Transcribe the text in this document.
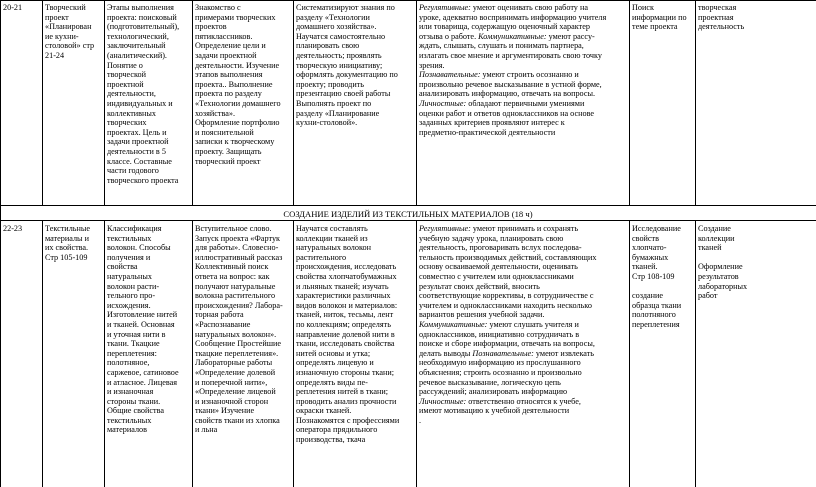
20-21	Творческий
проект
«Планирован
ие кухни-
столовой» стр
21-24
Этапы выполнения
проекта: поисковый
(подготовительный),
технологический,
заключительный
(аналитический).
Понятие о
творческой
проектной
деятельности,
индивидуальных и
коллективных
творческих
проектах. Цель и
задачи проектной
деятельности в 5
классе. Составные
части годового
творческого проекта
Знакомство с
примерами творческих
проектов
пятиклассников.
Определение цели и
задачи проектной
деятельности. Изучение
этапов выполнения
проекта.. Выполнение
проекта по разделу
«Технологии домашнего
хозяйства».
Оформление портфолио
и пояснительной
записки к творческому
проекту. Защищать
творческий проект
Систематизируют знания по
разделу «Технологии
домашнего хозяйства».
Научатся самостоятельно
планировать свою
деятельность; проявлять
творческую инициативу;
оформлять документацию по
проекту; проводить
презентацию своей работы
Выполнять проект по
разделу «Планирование
кухни-столовой».
Регулятивные: умеют оценивать свою работу на
уроке, адекватно воспринимать информацию учителя
или товарища, содержащую оценочный характер
отзыва о работе. Коммуникативные: умеют рассу-
ждать, слышать, слушать и понимать партнера,
излагать свое мнение и аргументировать свою точку
зрения.
Познавательные: умеют строить осознанно и
произвольно речевое высказывание в устной форме,
анализировать информацию, отвечать на вопросы.
Личностные: обладают первичными умениями
оценки работ и ответов одноклассников на основе
заданных критериев проявляют интерес к
предметно-практической деятельности
Поиск
информации по
теме проекта
творческая
проектная
деятельность
СОЗДАНИЕ ИЗДЕЛИЙ ИЗ ТЕКСТИЛЬНЫХ МАТЕРИАЛОВ (18 ч)
22-23	Текстильные
материалы и
их свойства.
Стр 105-109
Классификация
текстильных
волокон. Способы
получения и
свойства
натуральных
волокон расти-
тельного про-
исхождения.
Изготовление нитей
и тканей. Основная
и уточная нити в
ткани. Ткацкие
переплетения:
полотняное,
саржевое, сатиновое
и атласное. Лицевая
и изнаночная
стороны ткани.
Общие свойства
текстильных
материалов
Вступительное слово.
Запуск проекта «Фартук
для работы». Словесно-
иллюстративный рассказ
Коллективный поиск
ответа на вопрос: как
получают натуральные
волокна растительного
происхождения? Лабора-
торная работа
«Распознавание
натуральных волокон».
Сообщение Простейшие
ткацкие переплетения».
Лабораторные работы
«Определение долевой
и поперечной нити»,
«Определение лицевой
и изнаночной сторон
ткани» Изучение
свойств ткани из хлопка
и льна
Научатся составлять
коллекции тканей из
натуральных волокон
растительного
происхождения, исследовать
свойства хлопчатобумажных
и льняных тканей; изучать
характеристики различных
видов волокон и материалов:
тканей, ниток, тесьмы, лент
по коллекциям; определять
направление долевой нити в
ткани, исследовать свойства
нитей основы и утка;
определять лицевую и
изнаночную стороны ткани;
определять виды пе-
реплетения нитей в ткани;
проводить анализ прочности
окраски тканей.
Познакомятся с профессиями
оператора прядильного
производства, ткача
Регулятивные: умеют принимать и сохранять
учебную задачу урока, планировать свою
деятельность, проговаривать вслух последова-
тельность производимых действий, составляющих
основу осваиваемой деятельности, оценивать
совместно с учителем или одноклассниками
результат своих действий, вносить
соответствующие коррективы, в сотрудничестве с
учителем и одноклассниками находить несколько
вариантов решения учебной задачи.
Коммуникативные: умеют слушать учителя и
одноклассников, инициативно сотрудничать в
поиске и сборе информации, отвечать на вопросы,
делать выводы Познавательные: умеют извлекать
необходимую информацию из прослушанного
объяснения; строить осознанно и произвольно
речевое высказывание, логическую цепь
рассуждений; анализировать информацию
Личностные: ответственно относятся к учебе,
имеют мотивацию к учебной деятельности
.
Исследование
свойств
хлопчато-
бумажных
тканей.
Стр 108-109

создание
образца ткани
полотняного
переплетения
Создание
коллекции
тканей

Оформление
результатов
лабораторных
работ
